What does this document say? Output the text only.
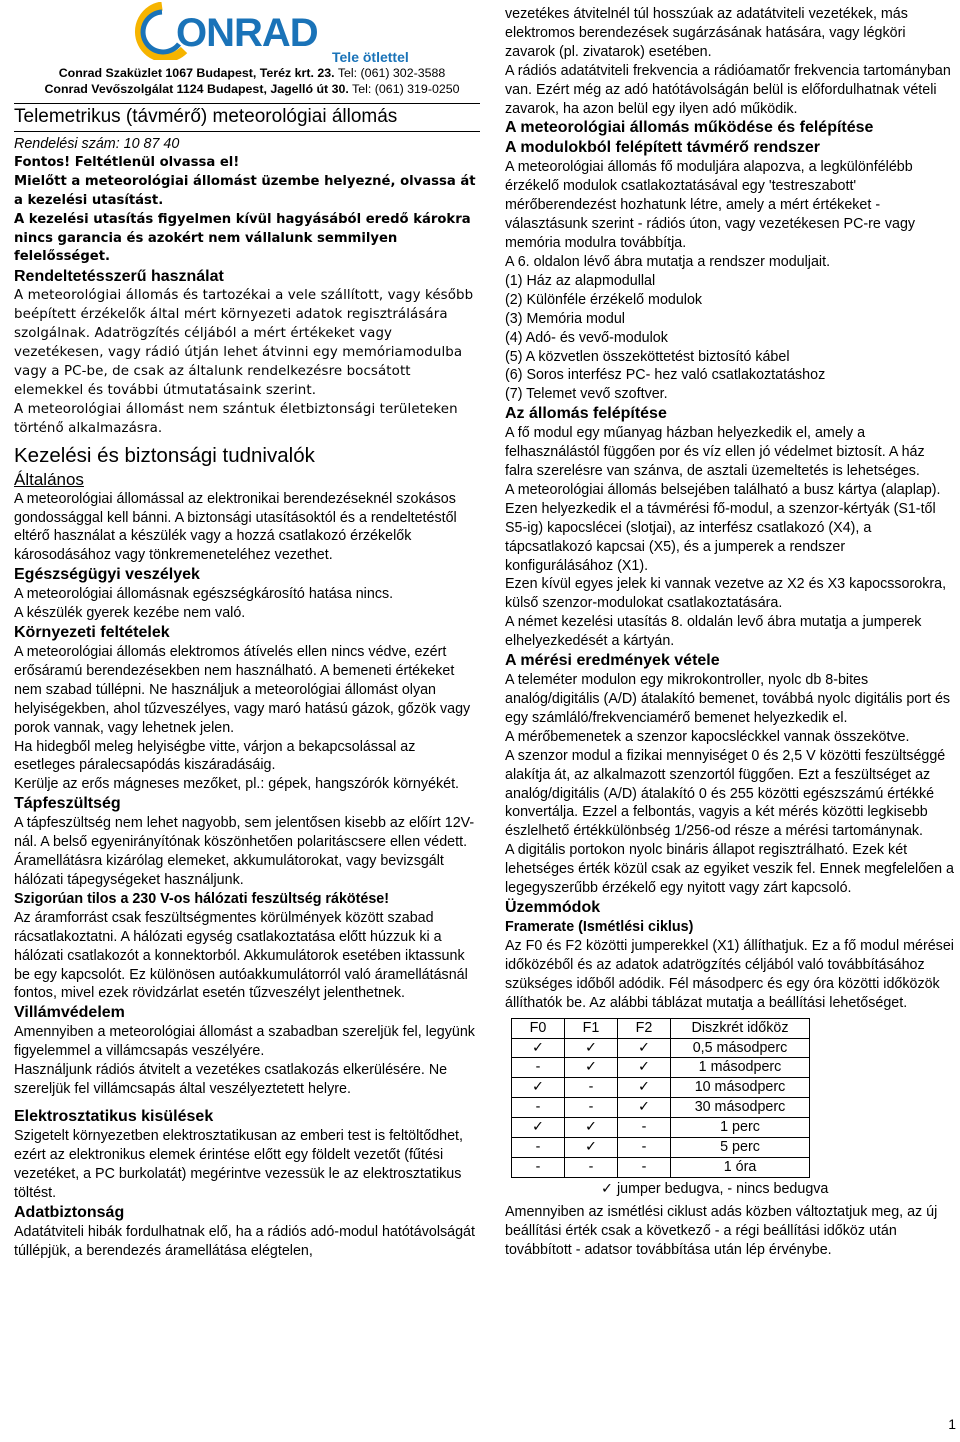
ONRAD
Tele ötlettel
Conrad Szaküzlet 1067 Budapest, Teréz krt. 23. Tel: (061) 302-3588
Conrad Vevőszolgálat 1124 Budapest, Jagelló út 30. Tel: (061) 319-0250
Telemetrikus (távmérő) meteorológiai állomás
Rendelési szám: 10 87 40

Fontos! Feltétlenül olvassa el!

Mielőtt a meteorológiai állomást üzembe helyezné, olvassa át a kezelési utasítást.

A kezelési utasítás figyelmen kívül hagyásából eredő károkra nincs garancia és azokért nem vállalunk semmilyen felelősséget.

Rendeltetésszerű használat

A meteorológiai állomás és tartozékai a vele szállított, vagy később beépített érzékelők által mért környezeti adatok regisztrálására szolgálnak. Adatrögzítés céljából a mért értékeket vagy vezetékesen, vagy rádió útján lehet átvinni egy memóriamodulba vagy a PC-be, de csak az általunk rendelkezésre bocsátott elemekkel és további útmutatásaink szerint.

A meteorológiai állomást nem szántuk életbiztonsági területeken történő alkalmazásra.

Kezelési és biztonsági tudnivalók
Általános

A meteorológiai állomással az elektronikai berendezéseknél szokásos gondossággal kell bánni. A biztonsági utasításoktól és a rendeltetéstől eltérő használat a készülék vagy a hozzá csatlakozó érzékelők károsodásához vagy tönkremeneteléhez vezethet.

Egészségügyi veszélyek

A meteorológiai állomásnak egészségkárosító hatása nincs.

A készülék gyerek kezébe nem való.

Környezeti feltételek

A meteorológiai állomás elektromos átívelés ellen nincs védve, ezért erősáramú berendezésekben nem használható. A bemeneti értékeket nem szabad túllépni. Ne használjuk a meteorológiai állomást olyan helyiségekben, ahol tűzveszélyes, vagy maró hatású gázok, gőzök vagy porok vannak, vagy lehetnek jelen.

Ha hidegből meleg helyiségbe vitte, várjon a bekapcsolással az esetleges páralecsapódás kiszáradásáig.

Kerülje az erős mágneses mezőket, pl.: gépek, hangszórók környékét.

Tápfeszültség

A tápfeszültség nem lehet nagyobb, sem jelentősen kisebb az előírt 12V-nál. A belső egyenirányítónak köszönhetően polaritáscsere ellen védett. Áramellátásra kizárólag elemeket, akkumulátorokat, vagy bevizsgált hálózati tápegységeket használjunk.

Szigorúan tilos a 230 V-os hálózati feszültség rákötése!

Az áramforrást csak feszültségmentes körülmények között szabad rácsatlakoztatni. A hálózati egység csatlakoztatása előtt húzzuk ki a hálózati csatlakozót a konnektorból. Akkumulátorok esetében iktassunk be egy kapcsolót. Ez különösen autóakkumulátorról való áramellátásnál fontos, mivel ezek rövidzárlat esetén tűzveszélyt jelenthetnek.

Villámvédelem

Amennyiben a meteorológiai állomást a szabadban szereljük fel, legyünk figyelemmel a villámcsapás veszélyére.

Használjunk rádiós átvitelt a vezetékes csatlakozás elkerülésére. Ne szereljük fel villámcsapás által veszélyeztetett helyre.

Elektrosztatikus kisülések

Szigetelt környezetben elektrosztatikusan az emberi test is feltöltődhet, ezért az elektronikus elemek érintése előtt egy földelt vezetőt (fűtési vezetéket, a PC burkolatát) megérintve vezessük le az elektrosztatikus töltést.

Adatbiztonság

Adatátviteli hibák fordulhatnak elő, ha a rádiós adó-modul hatótávolságát túllépjük, a berendezés áramellátása elégtelen,

vezetékes átvitelnél túl hosszúak az adatátviteli vezetékek, más elektromos berendezések sugárzásának hatására, vagy légköri zavarok (pl. zivatarok) esetében.

A rádiós adatátviteli frekvencia a rádióamatőr frekvencia tartományban van. Ezért még az adó hatótávolságán belül is előfordulhatnak vételi zavarok, ha azon belül egy ilyen adó működik.

A meteorológiai állomás működése és felépítése
A modulokból felépített távmérő rendszer

A meteorológiai állomás fő moduljára alapozva, a legkülönfélébb érzékelő modulok csatlakoztatásával egy 'testreszabott' mérőberendezést hozhatunk létre, amely a mért értékeket - választásunk szerint - rádiós úton, vagy vezetékesen PC-re vagy memória modulra továbbítja.

A 6. oldalon lévő ábra mutatja a rendszer moduljait.

(1) Ház az alapmodullal

(2) Különféle érzékelő modulok

(3) Memória modul

(4) Adó- és vevő-modulok

(5) A közvetlen összeköttetést biztosító kábel

(6) Soros interfész PC- hez való csatlakoztatáshoz

(7) Telemet vevő szoftver.

Az állomás felépítése

A fő modul egy műanyag házban helyezkedik el, amely a felhasználástól függően por és víz ellen jó védelmet biztosít. A ház falra szerelésre van szánva, de asztali üzemeltetés is lehetséges.

A meteorológiai állomás belsejében található a busz kártya (alaplap). Ezen helyezkedik el a távmérési fő-modul, a szenzor-kértyák (S1-től S5-ig) kapocslécei (slotjai), az interfész csatlakozó (X4), a tápcsatlakozó kapcsai (X5), és a jumperek a rendszer konfigurálásához (X1).

Ezen kívül egyes jelek ki vannak vezetve az X2 és X3 kapocssorokra, külső szenzor-modulokat csatlakoztatására.

A német kezelési utasítás 8. oldalán levő ábra mutatja a jumperek elhelyezkedését a kártyán.

A mérési eredmények vétele

A teleméter modulon egy mikrokontroller, nyolc db 8-bites analóg/digitális (A/D) átalakító bemenet, továbbá nyolc digitális port és egy számláló/frekvenciamérő bemenet helyezkedik el.

A mérőbemenetek a szenzor kapocsléckkel vannak összekötve.

A szenzor modul a fizikai mennyiséget 0 és 2,5 V közötti feszültséggé alakítja át, az alkalmazott szenzortól függően. Ezt a feszültséget az analóg/digitális (A/D) átalakító 0 és 255 közötti egészszámú értékké konvertálja. Ezzel a felbontás, vagyis a két mérés közötti legkisebb észlelhető értékkülönbség 1/256-od része a mérési tartománynak.

A digitális portokon nyolc bináris állapot regisztrálható. Ezek két lehetséges érték közül csak az egyiket veszik fel. Ennek megfelelően a legegyszerűbb érzékelő egy nyitott vagy zárt kapcsoló.

Üzemmódok
Framerate (Ismétlési ciklus)

Az F0 és F2 közötti jumperekkel (X1) állíthatjuk. Ez a fő modul mérései időközéből és az adatok adatrögzítés céljából való továbbításához szükséges időből adódik. Fél másodperc és egy óra közötti időközök állíthatók be. Az alábbi táblázat mutatja a beállítási lehetőséget.

F0	F1	F2	Diszkrét időköz
✓	✓	✓	0,5 másodperc
-	✓	✓	1 másodperc
✓	-	✓	10 másodperc
-	-	✓	30 másodperc
✓	✓	-	1 perc
-	✓	-	5 perc
-	-	-	1 óra

✓ jumper bedugva, - nincs bedugva

Amennyiben az ismétlési ciklust adás közben változtatjuk meg, az új beállítási érték csak a következő - a régi beállítási időköz után továbbított - adatsor továbbítása után lép érvénybe.

1
